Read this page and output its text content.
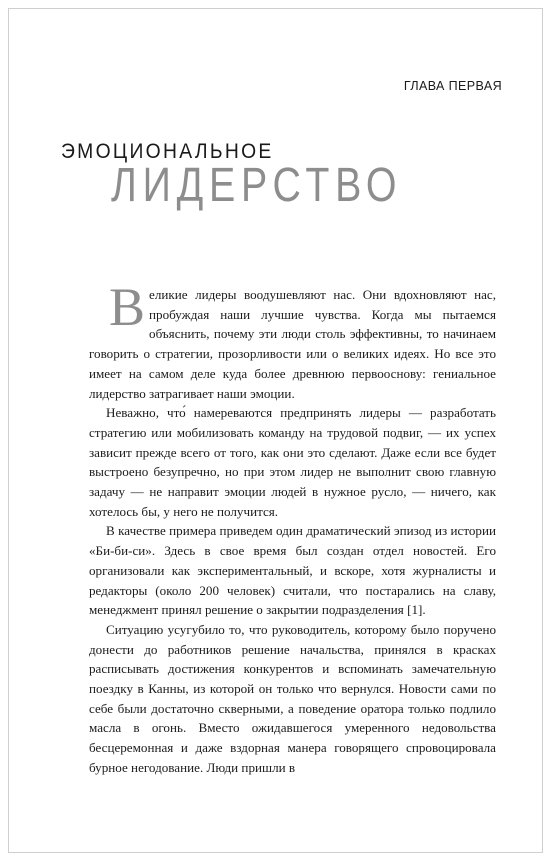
ГЛАВА ПЕРВАЯ
ЭМОЦИОНАЛЬНОЕ
ЛИДЕРСТВО

Великие лидеры воодушевляют нас. Они вдохновляют нас, пробуждая наши лучшие чувства. Когда мы пытаемся объяснить, почему эти люди столь эффективны, то начинаем говорить о стратегии, прозорливости или о великих идеях. Но все это имеет на самом деле куда более древнюю первооснову: гениальное лидерство затрагивает наши эмоции.

Неважно, что́ намереваются предпринять лидеры — разработать стратегию или мобилизовать команду на трудовой подвиг, — их успех зависит прежде всего от того, как они это сделают. Даже если все будет выстроено безупречно, но при этом лидер не выполнит свою главную задачу — не направит эмоции людей в нужное русло, — ничего, как хотелось бы, у него не получится.

В качестве примера приведем один драматический эпизод из истории «Би-би-си». Здесь в свое время был создан отдел новостей. Его организовали как экспериментальный, и вскоре, хотя журналисты и редакторы (около 200 человек) считали, что постарались на славу, менеджмент принял решение о закрытии подразделения [1].

Ситуацию усугубило то, что руководитель, которому было поручено донести до работников решение начальства, принялся в красках расписывать достижения конкурентов и вспоминать замечательную поездку в Канны, из которой он только что вернулся. Новости сами по себе были достаточно скверными, а поведение оратора только подлило масла в огонь. Вместо ожидавшегося умеренного недовольства бесцеремонная и даже вздорная манера говорящего спровоцировала бурное негодование. Люди пришли в
